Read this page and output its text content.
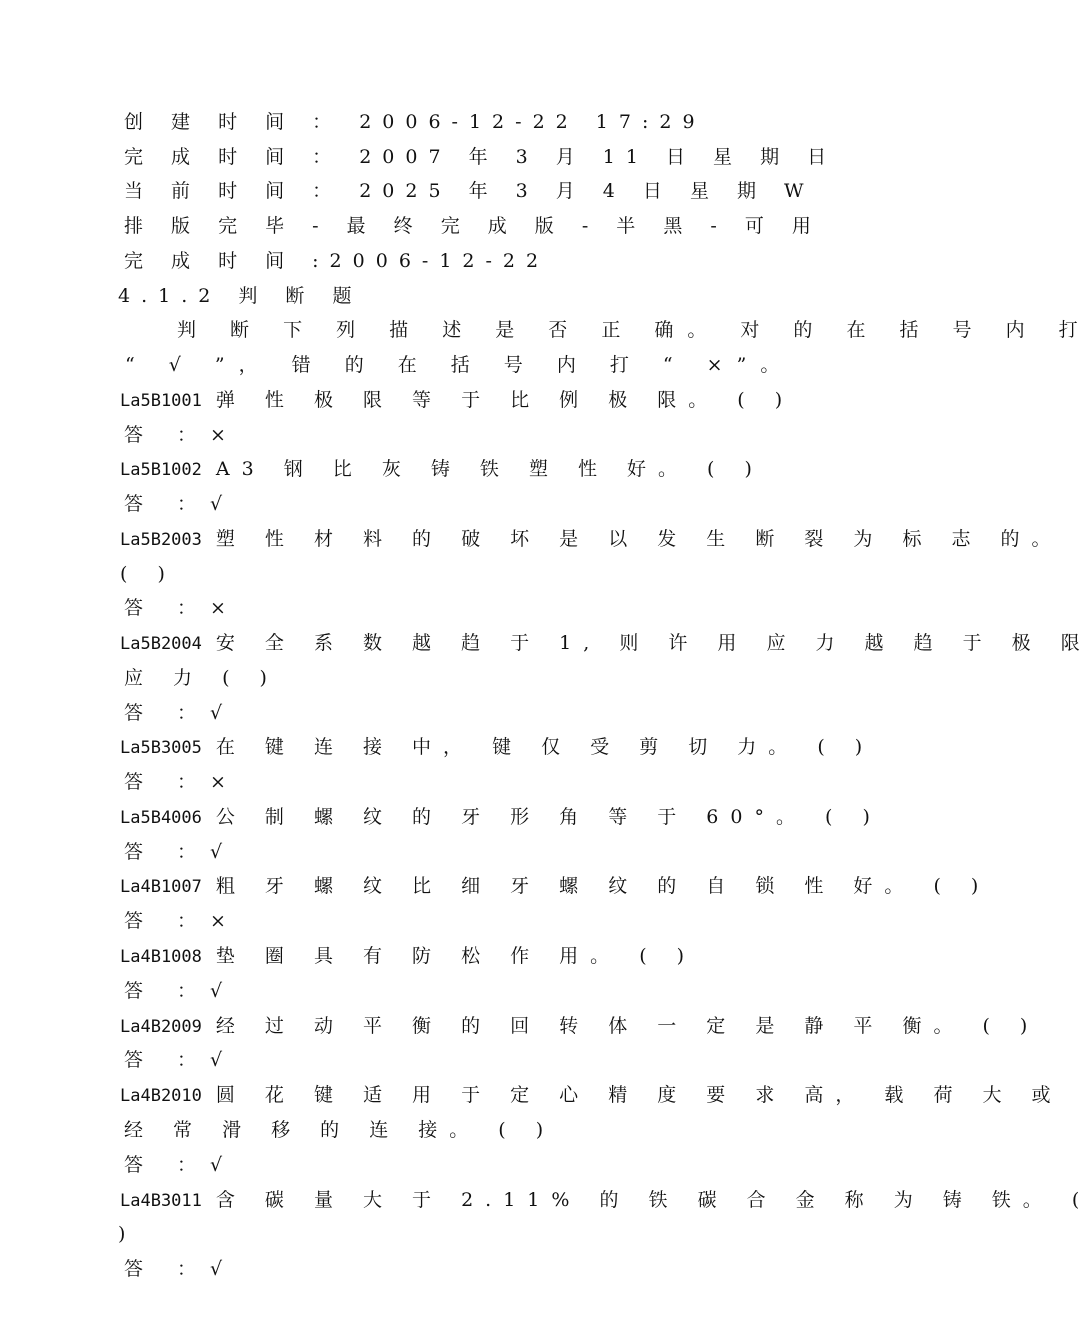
创 建 时 间 ： 2006-12-22 17:29
完 成 时 间 ： 2007 年 3 月 11 日 星 期 日
当 前 时 间 ： 2025 年 3 月 4 日 星 期 W
排 版 完 毕 - 最 终 完 成 版 - 半 黑 - 可 用
完 成 时 间 :2006-12-22
4.1.2 判 断 题
判 断 下 列 描 述 是 否 正 确。 对 的 在 括 号 内 打
“ √ ”， 错 的 在 括 号 内 打 “ ×”。
La5B1001 弹 性 极 限 等 于 比 例 极 限。 ( )
答 ：×
La5B1002 A3 钢 比 灰 铸 铁 塑 性 好。 ( )
答 ：√
La5B2003 塑 性 材 料 的 破 坏 是 以 发 生 断 裂 为 标 志 的。
( )
答 ：×
La5B2004 安 全 系 数 越 趋 于 1, 则 许 用 应 力 越 趋 于 极 限
应 力 ( )
答 ：√
La5B3005 在 键 连 接 中， 键 仅 受 剪 切 力。 ( )
答 ：×
La5B4006 公 制 螺 纹 的 牙 形 角 等 于 60°。 ( )
答 ：√
La4B1007 粗 牙 螺 纹 比 细 牙 螺 纹 的 自 锁 性 好。 ( )
答 ：×
La4B1008 垫 圈 具 有 防 松 作 用。 ( )
答 ：√
La4B2009 经 过 动 平 衡 的 回 转 体 一 定 是 静 平 衡。 ( )
答 ：√
La4B2010 圆 花 键 适 用 于 定 心 精 度 要 求 高， 载 荷 大 或
经 常 滑 移 的 连 接。 ( )
答 ：√
La4B3011 含 碳 量 大 于 2.11% 的 铁 碳 合 金 称 为 铸 铁。 (
)
答 ：√
